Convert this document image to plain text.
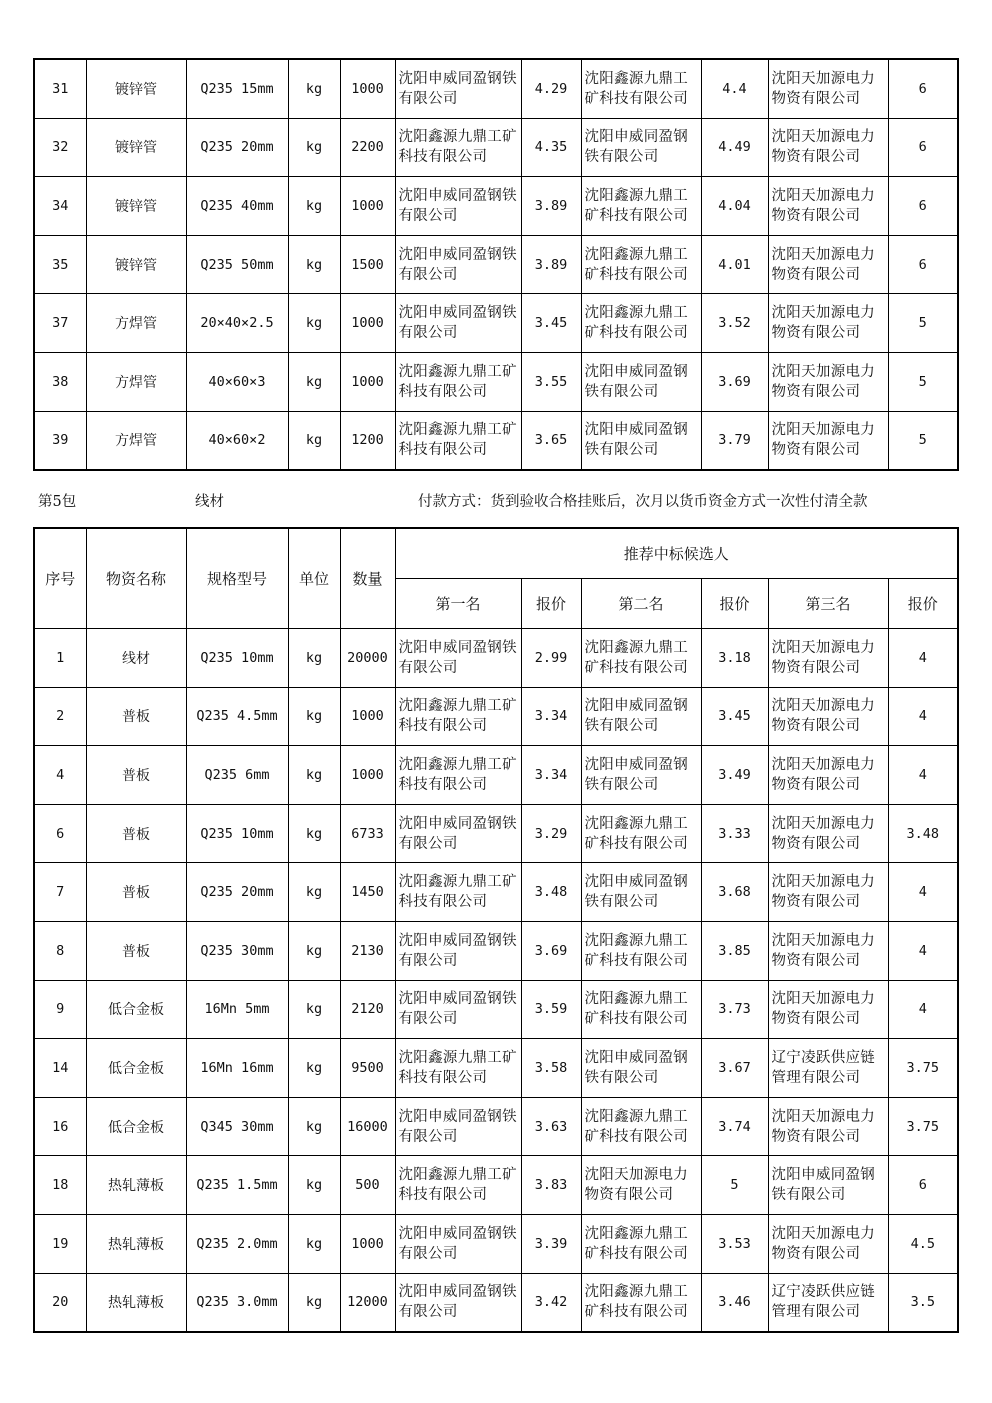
31	镀锌管	Q235 15mm	kg	1000	沈阳申威同盈钢铁有限公司	4.29	沈阳鑫源九鼎工矿科技有限公司	4.4	沈阳天加源电力物资有限公司	6
32	镀锌管	Q235 20mm	kg	2200	沈阳鑫源九鼎工矿科技有限公司	4.35	沈阳申威同盈钢铁有限公司	4.49	沈阳天加源电力物资有限公司	6
34	镀锌管	Q235 40mm	kg	1000	沈阳申威同盈钢铁有限公司	3.89	沈阳鑫源九鼎工矿科技有限公司	4.04	沈阳天加源电力物资有限公司	6
35	镀锌管	Q235 50mm	kg	1500	沈阳申威同盈钢铁有限公司	3.89	沈阳鑫源九鼎工矿科技有限公司	4.01	沈阳天加源电力物资有限公司	6
37	方焊管	20×40×2.5	kg	1000	沈阳申威同盈钢铁有限公司	3.45	沈阳鑫源九鼎工矿科技有限公司	3.52	沈阳天加源电力物资有限公司	5
38	方焊管	40×60×3	kg	1000	沈阳鑫源九鼎工矿科技有限公司	3.55	沈阳申威同盈钢铁有限公司	3.69	沈阳天加源电力物资有限公司	5
39	方焊管	40×60×2	kg	1200	沈阳鑫源九鼎工矿科技有限公司	3.65	沈阳申威同盈钢铁有限公司	3.79	沈阳天加源电力物资有限公司	5
第5包	线材	付款方式：货到验收合格挂账后，次月以货币资金方式一次性付清全款
序号	物资名称	规格型号	单位	数量	推荐中标候选人					
					第一名	报价	第二名	报价	第三名	报价
1	线材	Q235 10mm	kg	20000	沈阳申威同盈钢铁有限公司	2.99	沈阳鑫源九鼎工矿科技有限公司	3.18	沈阳天加源电力物资有限公司	4
2	普板	Q235 4.5mm	kg	1000	沈阳鑫源九鼎工矿科技有限公司	3.34	沈阳申威同盈钢铁有限公司	3.45	沈阳天加源电力物资有限公司	4
4	普板	Q235 6mm	kg	1000	沈阳鑫源九鼎工矿科技有限公司	3.34	沈阳申威同盈钢铁有限公司	3.49	沈阳天加源电力物资有限公司	4
6	普板	Q235 10mm	kg	6733	沈阳申威同盈钢铁有限公司	3.29	沈阳鑫源九鼎工矿科技有限公司	3.33	沈阳天加源电力物资有限公司	3.48
7	普板	Q235 20mm	kg	1450	沈阳鑫源九鼎工矿科技有限公司	3.48	沈阳申威同盈钢铁有限公司	3.68	沈阳天加源电力物资有限公司	4
8	普板	Q235 30mm	kg	2130	沈阳申威同盈钢铁有限公司	3.69	沈阳鑫源九鼎工矿科技有限公司	3.85	沈阳天加源电力物资有限公司	4
9	低合金板	16Mn 5mm	kg	2120	沈阳申威同盈钢铁有限公司	3.59	沈阳鑫源九鼎工矿科技有限公司	3.73	沈阳天加源电力物资有限公司	4
14	低合金板	16Mn 16mm	kg	9500	沈阳鑫源九鼎工矿科技有限公司	3.58	沈阳申威同盈钢铁有限公司	3.67	辽宁凌跃供应链管理有限公司	3.75
16	低合金板	Q345 30mm	kg	16000	沈阳申威同盈钢铁有限公司	3.63	沈阳鑫源九鼎工矿科技有限公司	3.74	沈阳天加源电力物资有限公司	3.75
18	热轧薄板	Q235 1.5mm	kg	500	沈阳鑫源九鼎工矿科技有限公司	3.83	沈阳天加源电力物资有限公司	5	沈阳申威同盈钢铁有限公司	6
19	热轧薄板	Q235 2.0mm	kg	1000	沈阳申威同盈钢铁有限公司	3.39	沈阳鑫源九鼎工矿科技有限公司	3.53	沈阳天加源电力物资有限公司	4.5
20	热轧薄板	Q235 3.0mm	kg	12000	沈阳申威同盈钢铁有限公司	3.42	沈阳鑫源九鼎工矿科技有限公司	3.46	辽宁凌跃供应链管理有限公司	3.5
